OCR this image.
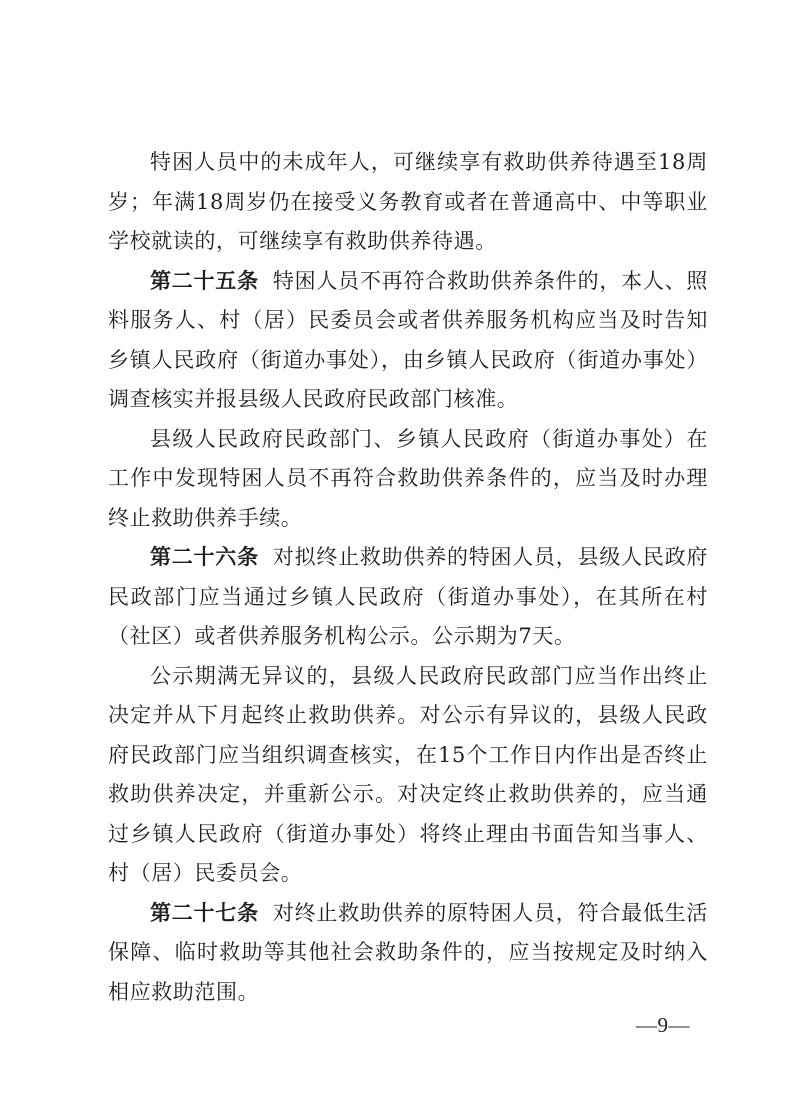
特困人员中的未成年人，可继续享有救助供养待遇至18周岁；年满18周岁仍在接受义务教育或者在普通高中、中等职业学校就读的，可继续享有救助供养待遇。

第二十五条 特困人员不再符合救助供养条件的，本人、照料服务人、村（居）民委员会或者供养服务机构应当及时告知乡镇人民政府（街道办事处），由乡镇人民政府（街道办事处）调查核实并报县级人民政府民政部门核准。

县级人民政府民政部门、乡镇人民政府（街道办事处）在工作中发现特困人员不再符合救助供养条件的，应当及时办理终止救助供养手续。

第二十六条 对拟终止救助供养的特困人员，县级人民政府民政部门应当通过乡镇人民政府（街道办事处），在其所在村（社区）或者供养服务机构公示。公示期为7天。

公示期满无异议的，县级人民政府民政部门应当作出终止决定并从下月起终止救助供养。对公示有异议的，县级人民政府民政部门应当组织调查核实，在15个工作日内作出是否终止救助供养决定，并重新公示。对决定终止救助供养的，应当通过乡镇人民政府（街道办事处）将终止理由书面告知当事人、村（居）民委员会。

第二十七条 对终止救助供养的原特困人员，符合最低生活保障、临时救助等其他社会救助条件的，应当按规定及时纳入相应救助范围。

—9—
